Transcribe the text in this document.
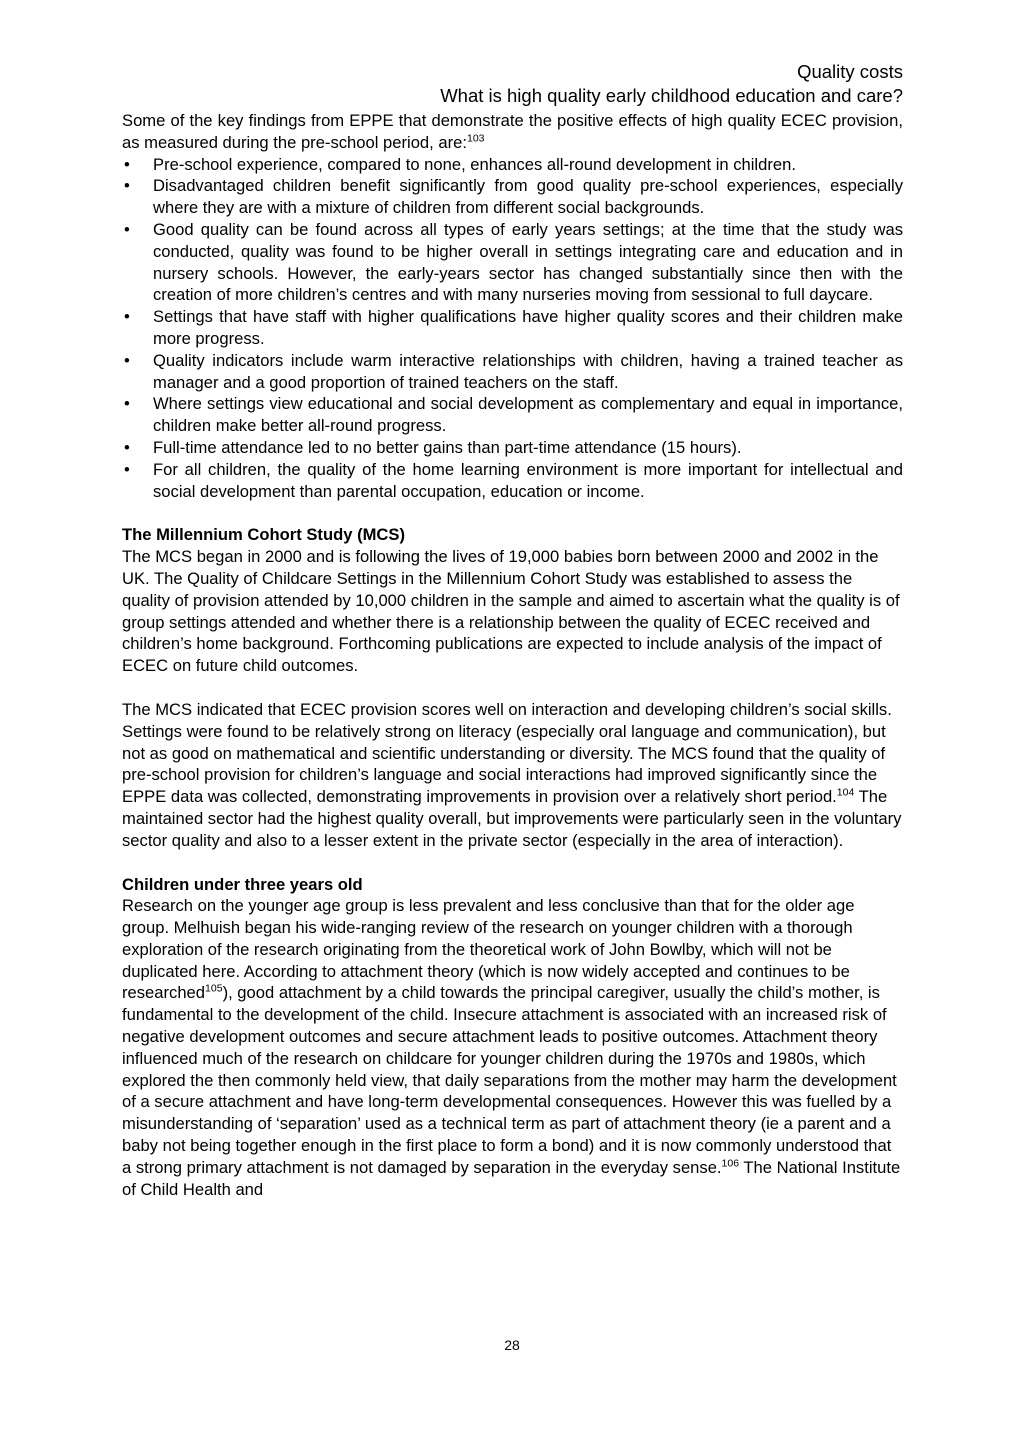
Quality costs
What is high quality early childhood education and care?
Some of the key findings from EPPE that demonstrate the positive effects of high quality ECEC provision, as measured during the pre-school period, are:$^{103}$
• Pre-school experience, compared to none, enhances all-round development in children.
• Disadvantaged children benefit significantly from good quality pre-school experiences, especially where they are with a mixture of children from different social backgrounds.
• Good quality can be found across all types of early years settings; at the time that the study was conducted, quality was found to be higher overall in settings integrating care and education and in nursery schools. However, the early-years sector has changed substantially since then with the creation of more children’s centres and with many nurseries moving from sessional to full daycare.
• Settings that have staff with higher qualifications have higher quality scores and their children make more progress.
• Quality indicators include warm interactive relationships with children, having a trained teacher as manager and a good proportion of trained teachers on the staff.
• Where settings view educational and social development as complementary and equal in importance, children make better all-round progress.
• Full-time attendance led to no better gains than part-time attendance (15 hours).
• For all children, the quality of the home learning environment is more important for intellectual and social development than parental occupation, education or income.
The Millennium Cohort Study (MCS)
The MCS began in 2000 and is following the lives of 19,000 babies born between 2000 and 2002 in the UK. The Quality of Childcare Settings in the Millennium Cohort Study was established to assess the quality of provision attended by 10,000 children in the sample and aimed to ascertain what the quality is of group settings attended and whether there is a relationship between the quality of ECEC received and children’s home background. Forthcoming publications are expected to include analysis of the impact of ECEC on future child outcomes.
The MCS indicated that ECEC provision scores well on interaction and developing children’s social skills. Settings were found to be relatively strong on literacy (especially oral language and communication), but not as good on mathematical and scientific understanding or diversity. The MCS found that the quality of pre-school provision for children’s language and social interactions had improved significantly since the EPPE data was collected, demonstrating improvements in provision over a relatively short period.$^{104}$ The maintained sector had the highest quality overall, but improvements were particularly seen in the voluntary sector quality and also to a lesser extent in the private sector (especially in the area of interaction).
Children under three years old
Research on the younger age group is less prevalent and less conclusive than that for the older age group. Melhuish began his wide-ranging review of the research on younger children with a thorough exploration of the research originating from the theoretical work of John Bowlby, which will not be duplicated here. According to attachment theory (which is now widely accepted and continues to be researched$^{105}$), good attachment by a child towards the principal caregiver, usually the child’s mother, is fundamental to the development of the child. Insecure attachment is associated with an increased risk of negative development outcomes and secure attachment leads to positive outcomes. Attachment theory influenced much of the research on childcare for younger children during the 1970s and 1980s, which explored the then commonly held view, that daily separations from the mother may harm the development of a secure attachment and have long-term developmental consequences. However this was fuelled by a misunderstanding of ‘separation’ used as a technical term as part of attachment theory (ie a parent and a baby not being together enough in the first place to form a bond) and it is now commonly understood that a strong primary attachment is not damaged by separation in the everyday sense.$^{106}$ The National Institute of Child Health and
28
